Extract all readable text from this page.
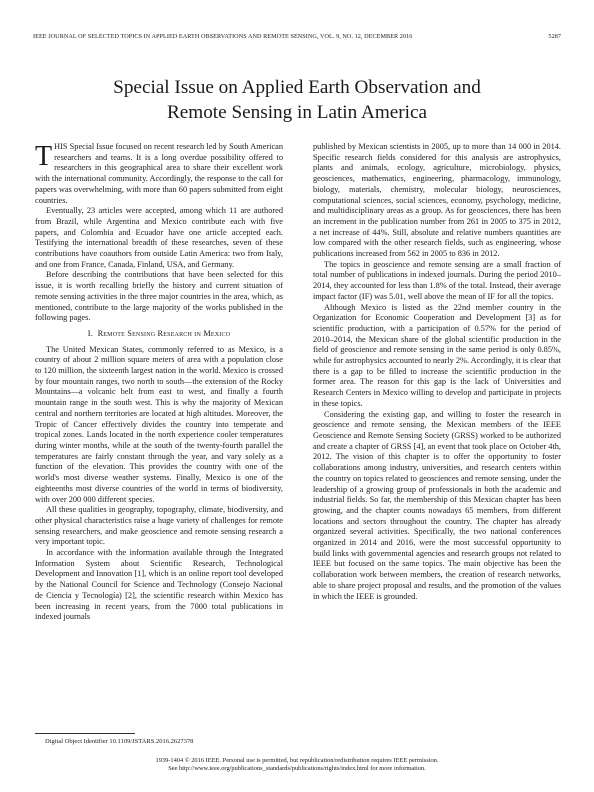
IEEE JOURNAL OF SELECTED TOPICS IN APPLIED EARTH OBSERVATIONS AND REMOTE SENSING, VOL. 9, NO. 12, DECEMBER 2016	5287
Special Issue on Applied Earth Observation and
Remote Sensing in Latin America

THIS Special Issue focused on recent research led by South American researchers and teams. It is a long overdue possibility offered to researchers in this geographical area to share their excellent work with the international community. Accordingly, the response to the call for papers was overwhelming, with more than 60 papers submitted from eight countries.

Eventually, 23 articles were accepted, among which 11 are authored from Brazil, while Argentina and Mexico contribute each with five papers, and Colombia and Ecuador have one article accepted each. Testifying the international breadth of these researches, seven of these contributions have coauthors from outside Latin America: two from Italy, and one from France, Canada, Finland, USA, and Germany.

Before describing the contributions that have been selected for this issue, it is worth recalling briefly the history and current situation of remote sensing activities in the three major countries in the area, which, as mentioned, contribute to the large majority of the works published in the following pages.

I. Remote Sensing Research in Mexico

The United Mexican States, commonly referred to as Mexico, is a country of about 2 million square meters of area with a population close to 120 million, the sixteenth largest nation in the world. Mexico is crossed by four mountain ranges, two north to south—the extension of the Rocky Mountains—a volcanic belt from east to west, and finally a fourth mountain range in the south west. This is why the majority of Mexican central and northern territories are located at high altitudes. Moreover, the Tropic of Cancer effectively divides the country into temperate and tropical zones. Lands located in the north experience cooler temperatures during winter months, while at the south of the twenty-fourth parallel the temperatures are fairly constant through the year, and vary solely as a function of the elevation. This provides the country with one of the world's most diverse weather systems. Finally, Mexico is one of the eighteenths most diverse countries of the world in terms of biodiversity, with over 200 000 different species.

All these qualities in geography, topography, climate, biodiversity, and other physical characteristics raise a huge variety of challenges for remote sensing researchers, and make geoscience and remote sensing research a very important topic.

In accordance with the information available through the Integrated Information System about Scientific Research, Technological Development and Innovation [1], which is an online report tool developed by the National Council for Science and Technology (Consejo Nacional de Ciencia y Tecnología) [2], the scientific research within Mexico has been increasing in recent years, from the 7000 total publications in indexed journals

published by Mexican scientists in 2005, up to more than 14 000 in 2014. Specific research fields considered for this analysis are astrophysics, plants and animals, ecology, agriculture, microbiology, physics, geosciences, mathematics, engineering, pharmacology, immunology, biology, materials, chemistry, molecular biology, neurosciences, computational sciences, social sciences, economy, psychology, medicine, and multidisciplinary areas as a group. As for geosciences, there has been an increment in the publication number from 261 in 2005 to 375 in 2012, a net increase of 44%. Still, absolute and relative numbers quantities are low compared with the other research fields, such as engineering, whose publications increased from 562 in 2005 to 836 in 2012.

The topics in geoscience and remote sensing are a small fraction of total number of publications in indexed journals. During the period 2010–2014, they accounted for less than 1.8% of the total. Instead, their average impact factor (IF) was 5.01, well above the mean of IF for all the topics.

Although Mexico is listed as the 22nd member country in the Organization for Economic Cooperation and Development [3] as for scientific production, with a participation of 0.57% for the period of 2010–2014, the Mexican share of the global scientific production in the field of geoscience and remote sensing in the same period is only 0.85%, while for astrophysics accounted to nearly 2%. Accordingly, it is clear that there is a gap to be filled to increase the scientific production in the former area. The reason for this gap is the lack of Universities and Research Centers in Mexico willing to develop and participate in projects in these topics.

Considering the existing gap, and willing to foster the research in geoscience and remote sensing, the Mexican members of the IEEE Geoscience and Remote Sensing Society (GRSS) worked to be authorized and create a chapter of GRSS [4], an event that took place on October 4th, 2012. The vision of this chapter is to offer the opportunity to foster collaborations among industry, universities, and research centers within the country on topics related to geosciences and remote sensing, under the leadership of a growing group of professionals in both the academic and industrial fields. So far, the membership of this Mexican chapter has been growing, and the chapter counts nowadays 65 members, from different locations and sectors throughout the country. The chapter has already organized several activities. Specifically, the two national conferences organized in 2014 and 2016, were the most successful opportunity to build links with governmental agencies and research groups not related to IEEE but focused on the same topics. The main objective has been the collaboration work between members, the creation of research networks, able to share project proposal and results, and the promotion of the values in which the IEEE is grounded.

Digital Object Identifier 10.1109/JSTARS.2016.2627378
1939-1404 © 2016 IEEE. Personal use is permitted, but republication/redistribution requires IEEE permission.
See http://www.ieee.org/publications_standards/publications/rights/index.html for more information.
